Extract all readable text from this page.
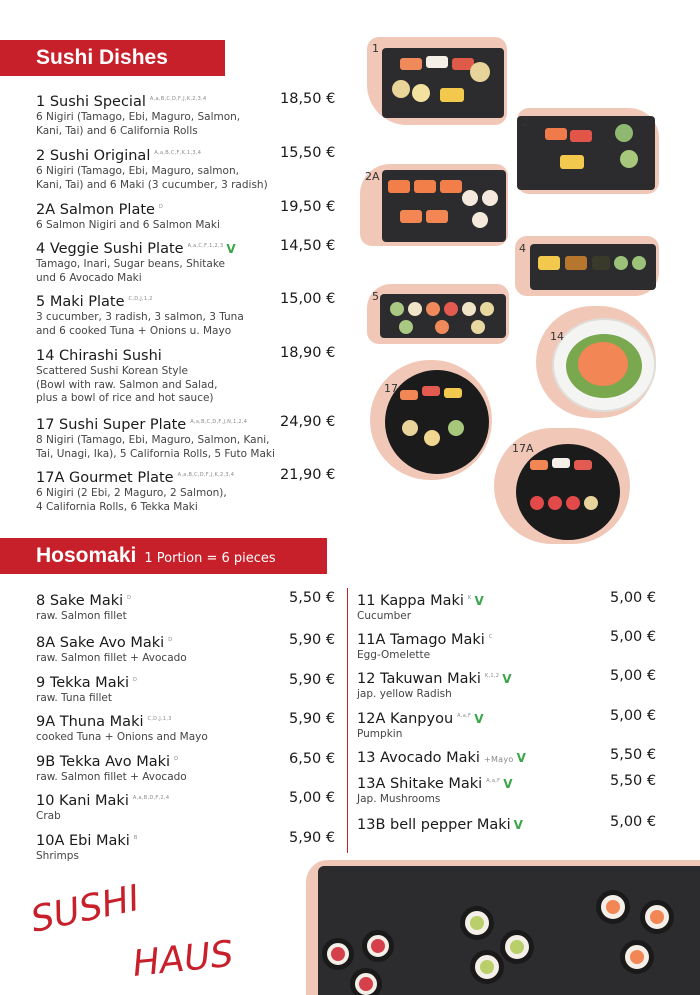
Sushi Dishes
1 Sushi Special $^{A,a,B,C,D,F,J,K,2,3,4}$
6 Nigiri (Tamago, Ebi, Maguro, Salmon,
Kani, Tai) and 6 California Rolls
18,50 €
2 Sushi Original $^{A,a,B,C,F,K,1,3,4}$
6 Nigiri (Tamago, Ebi, Maguro, salmon,
Kani, Tai) and 6 Maki (3 cucumber, 3 radish)
15,50 €
2A Salmon Plate $^D$
6 Salmon Nigiri and 6 Salmon Maki
19,50 €
4 Veggie Sushi Plate $^{A,a,C,F,1,2,3}$ V
Tamago, Inari, Sugar beans, Shitake
und 6 Avocado Maki
14,50 €
5 Maki Plate $^{C,D,J,1,2}$
3 cucumber, 3 radish, 3 salmon, 3 Tuna
and 6 cooked Tuna + Onions u. Mayo
15,00 €
14 Chirashi Sushi
Scattered Sushi Korean Style
(Bowl with raw. Salmon and Salad,
plus a bowl of rice and hot sauce)
18,90 €
17 Sushi Super Plate $^{A,a,B,C,D,F,J,N,1,2,4}$
8 Nigiri (Tamago, Ebi, Maguro, Salmon, Kani,
Tai, Unagi, Ika), 5 California Rolls, 5 Futo Maki
24,90 €
17A Gourmet Plate $^{A,a,B,C,D,F,J,K,2,3,4}$
6 Nigiri (2 Ebi, 2 Maguro, 2 Salmon),
4 California Rolls, 6 Tekka Maki
21,90 €
1
2
2A
4
5
14
17
17A
Hosomaki 1 Portion = 6 pieces
8 Sake Maki $^D$
raw. Salmon fillet
5,50 €
8A Sake Avo Maki $^D$
raw. Salmon fillet + Avocado
5,90 €
9 Tekka Maki $^D$
raw. Tuna fillet
5,90 €
9A Thuna Maki $^{C,D,J,1,3}$
cooked Tuna + Onions and Mayo
5,90 €
9B Tekka Avo Maki $^D$
raw. Salmon fillet + Avocado
6,50 €
10 Kani Maki $^{A,a,B,D,F,2,4}$
Crab
5,00 €
10A Ebi Maki $^B$
Shrimps
5,90 €
11 Kappa Maki $^K$ V
Cucumber
5,00 €
11A Tamago Maki $^C$
Egg-Omelette
5,00 €
12 Takuwan Maki $^{K,1,2}$ V
jap. yellow Radish
5,00 €
12A Kanpyou $^{A,a,F}$ V
Pumpkin
5,00 €
13 Avocado Maki +Mayo V	5,50 €
13A Shitake Maki $^{A,a,F}$ V
Jap. Mushrooms
5,50 €
13B bell pepper Maki V	5,00 €
SUSHI
HAUS
